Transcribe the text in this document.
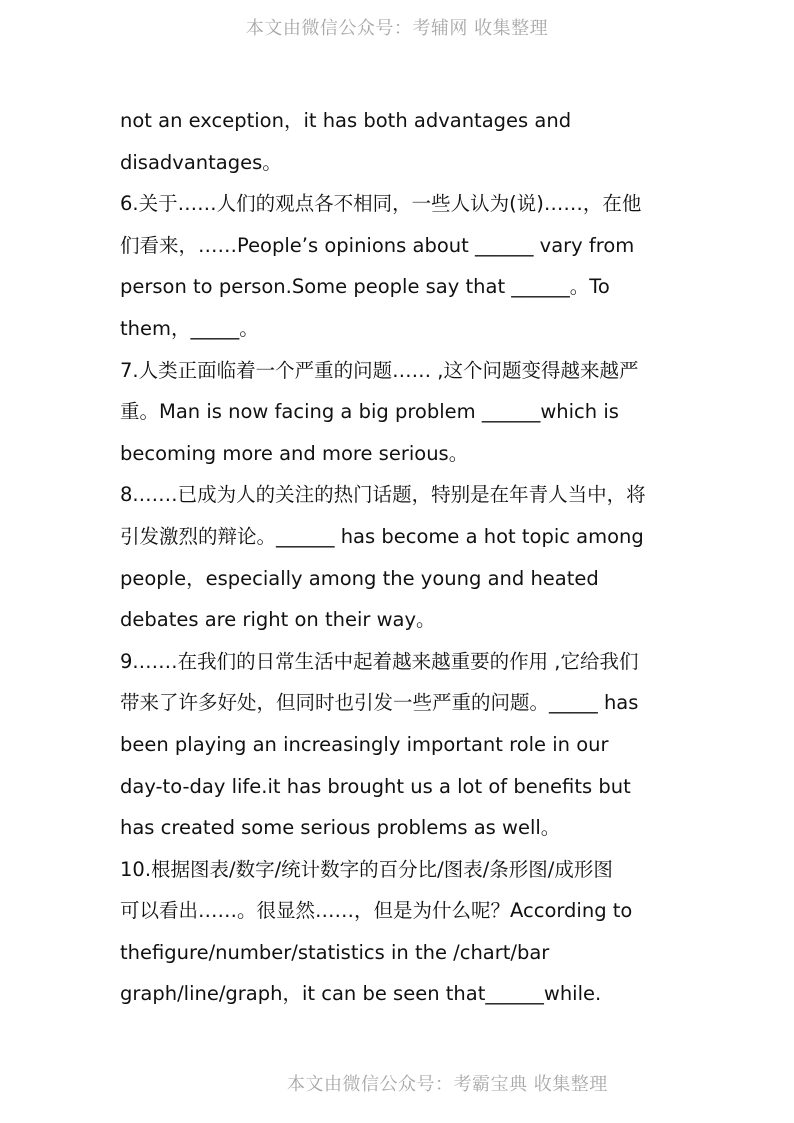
本文由微信公众号：考辅网 收集整理
not an exception，it has both advantages and
disadvantages。
6.关于……人们的观点各不相同，一些人认为(说)……，在他
们看来，……People’s opinions about ______ vary from
person to person.Some people say that ______。To
them，_____。
7.人类正面临着一个严重的问题…… ,这个问题变得越来越严
重。Man is now facing a big problem ______which is
becoming more and more serious。
8.……已成为人的关注的热门话题，特别是在年青人当中，将
引发激烈的辩论。______ has become a hot topic among
people，especially among the young and heated
debates are right on their way。
9.……在我们的日常生活中起着越来越重要的作用 ,它给我们
带来了许多好处，但同时也引发一些严重的问题。_____ has
been playing an increasingly important role in our
day-to-day life.it has brought us a lot of benefits but
has created some serious problems as well。
10.根据图表/数字/统计数字的百分比/图表/条形图/成形图
可以看出……。很显然……，但是为什么呢？According to
thefigure/number/statistics in the /chart/bar
graph/line/graph，it can be seen that______while.
本文由微信公众号：考霸宝典 收集整理
